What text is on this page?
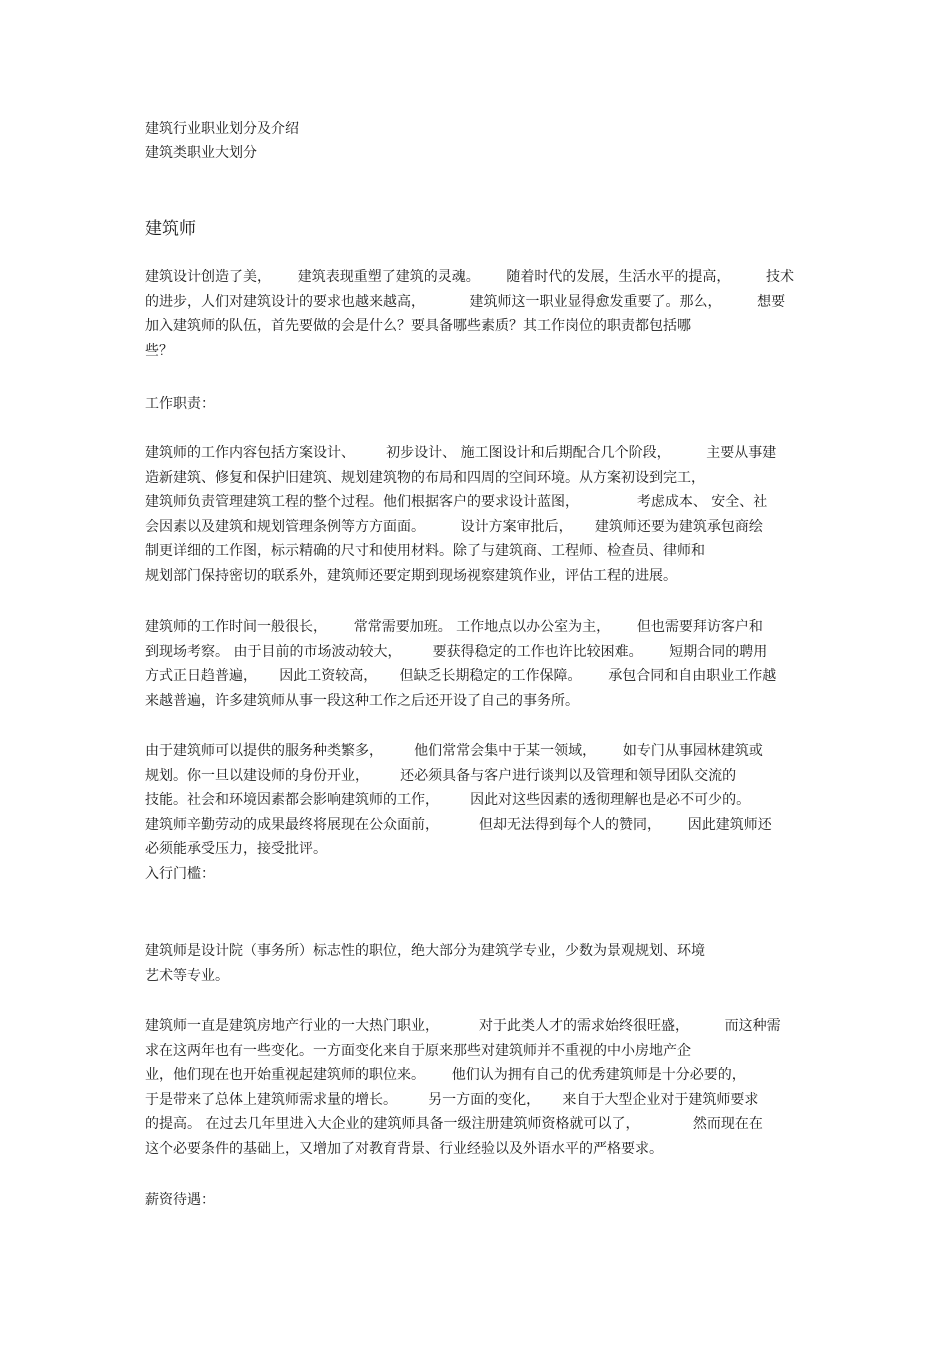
建筑行业职业划分及介绍
建筑类职业大划分
建筑师
建筑设计创造了美，      建筑表现重塑了建筑的灵魂。      随着时代的发展，生活水平的提高，        技术
的进步，人们对建筑设计的要求也越来越高，          建筑师这一职业显得愈发重要了。那么，        想要
加入建筑师的队伍，首先要做的会是什么？要具备哪些素质？其工作岗位的职责都包括哪
些？
工作职责：
建筑师的工作内容包括方案设计、       初步设计、 施工图设计和后期配合几个阶段，        主要从事建
造新建筑、修复和保护旧建筑、规划建筑物的布局和四周的空间环境。从方案初设到完工，
建筑师负责管理建筑工程的整个过程。他们根据客户的要求设计蓝图，             考虑成本、 安全、社
会因素以及建筑和规划管理条例等方方面面。        设计方案审批后，     建筑师还要为建筑承包商绘
制更详细的工作图，标示精确的尺寸和使用材料。除了与建筑商、工程师、检查员、律师和
规划部门保持密切的联系外，建筑师还要定期到现场视察建筑作业，评估工程的进展。
建筑师的工作时间一般很长，      常常需要加班。 工作地点以办公室为主，      但也需要拜访客户和
到现场考察。 由于目前的市场波动较大，       要获得稳定的工作也许比较困难。      短期合同的聘用
方式正日趋普遍，     因此工资较高，     但缺乏长期稳定的工作保障。      承包合同和自由职业工作越
来越普遍，许多建筑师从事一段这种工作之后还开设了自己的事务所。
由于建筑师可以提供的服务种类繁多，       他们常常会集中于某一领域，      如专门从事园林建筑或
规划。你一旦以建设师的身份开业，       还必须具备与客户进行谈判以及管理和领导团队交流的
技能。社会和环境因素都会影响建筑师的工作，       因此对这些因素的透彻理解也是必不可少的。
建筑师辛勤劳动的成果最终将展现在公众面前，         但却无法得到每个人的赞同，      因此建筑师还
必须能承受压力，接受批评。
入行门槛：
建筑师是设计院（事务所）标志性的职位，绝大部分为建筑学专业，少数为景观规划、环境
艺术等专业。
建筑师一直是建筑房地产行业的一大热门职业，         对于此类人才的需求始终很旺盛，        而这种需
求在这两年也有一些变化。一方面变化来自于原来那些对建筑师并不重视的中小房地产企
业，他们现在也开始重视起建筑师的职位来。      他们认为拥有自己的优秀建筑师是十分必要的，
于是带来了总体上建筑师需求量的增长。       另一方面的变化，     来自于大型企业对于建筑师要求
的提高。 在过去几年里进入大企业的建筑师具备一级注册建筑师资格就可以了，            然而现在在
这个必要条件的基础上，又增加了对教育背景、行业经验以及外语水平的严格要求。
薪资待遇：
